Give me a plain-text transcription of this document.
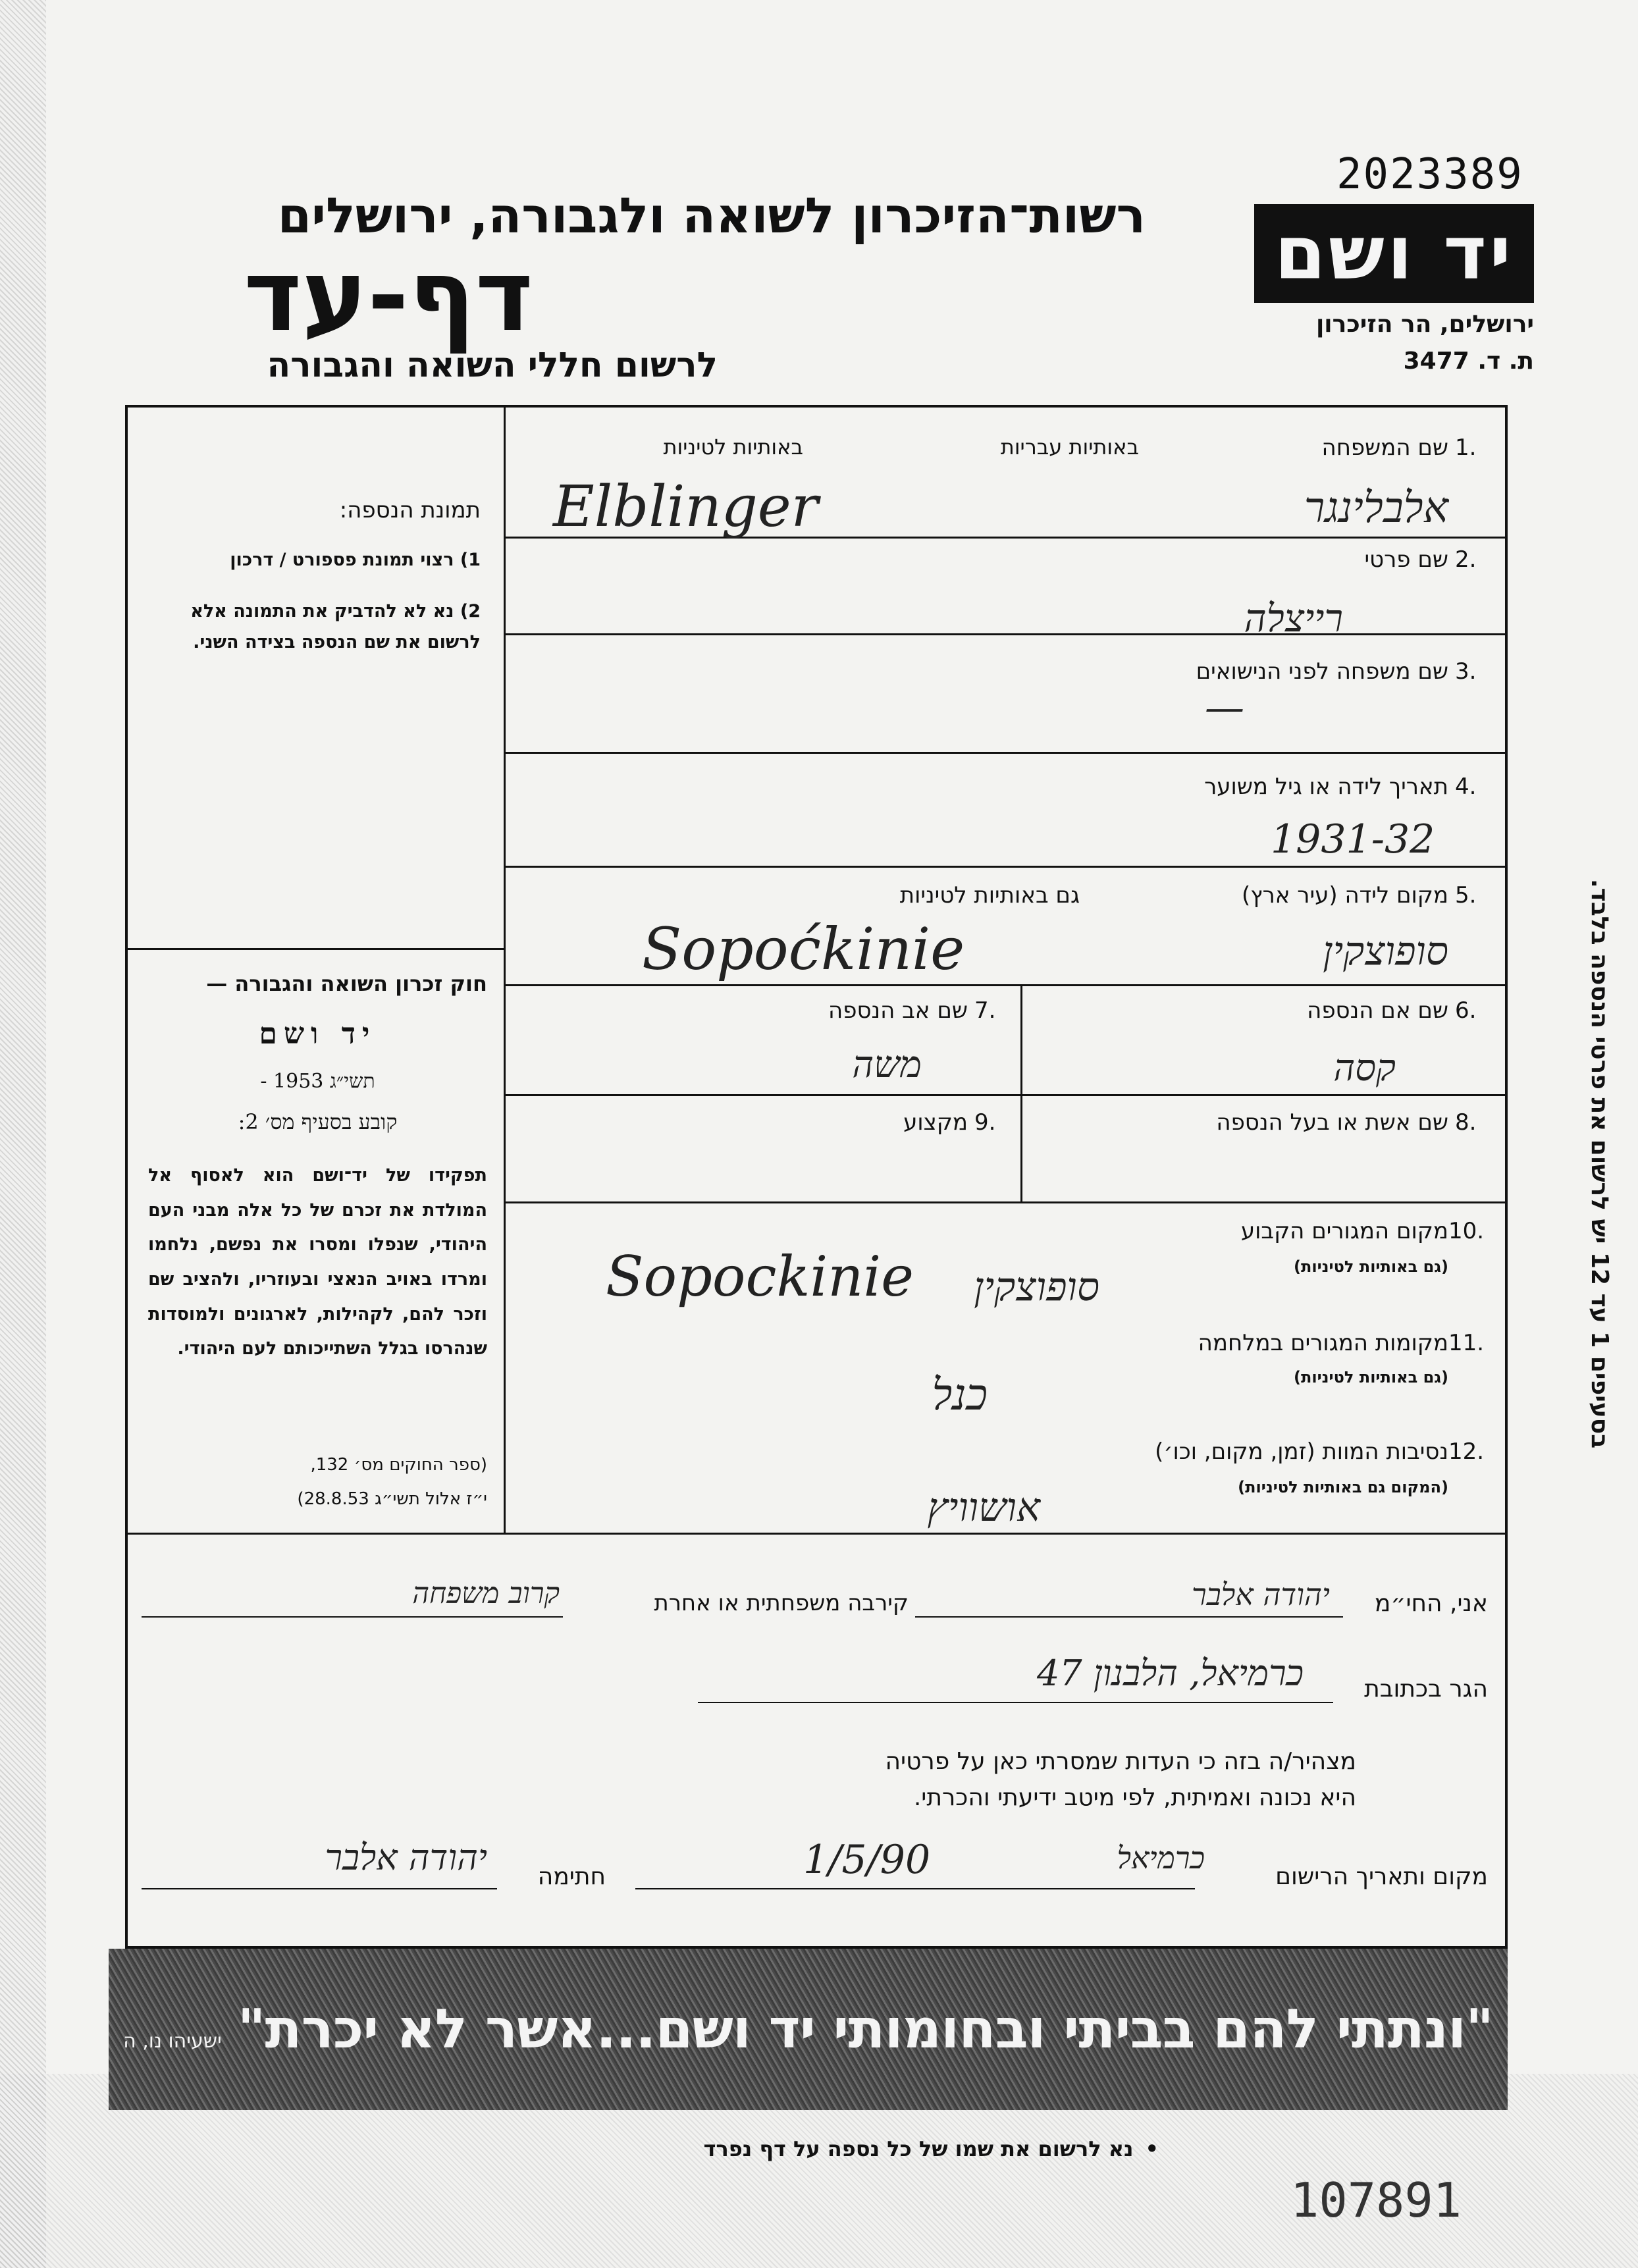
2023389
יד ושם
ירושלים, הר הזיכרון
ת. ד. 3477
רשות־הזיכרון לשואה ולגבורה, ירושלים
דף-עד
לרשום חללי השואה והגבורה
באותיות לטיניות	באותיות עבריות	שם המשפחה 1.
Elblinger	אלבלינגר
שם פרטי 2.
רייצלה
שם משפחה לפני הנישואים 3.
—
תאריך לידה או גיל משוער 4.
1931-32
מקום לידה (עיר ארץ) 5.
גם באותיות לטיניות
Sopoćkinie	סופוצקין
שם אם הנספה 6.
קסה
שם אב הנספה 7.
משה
שם אשת או בעל הנספה 8.
מקצוע 9.
מקום המגורים הקבוע 10.
(גם באותיות לטיניות)
Sopockinie	סופוצקין
מקומות המגורים במלחמה 11.
(גם באותיות לטיניות)
כנל
נסיבות המוות (זמן, מקום, וכו׳) 12.
(המקום גם באותיות לטיניות)
אושוויץ
תמונת הנספה:
1) רצוי תמונת פספורט / דרכון
2) נא לא להדביק את התמונה אלא לרשום את שם הנספה בצידה השני.
חוק זכרון השואה והגבורה —
יד ושם
תשי״ג 1953 -
קובע בסעיף מס׳ 2:
תפקידו של יד־ושם הוא לאסוף אל המולדת את זכרם של כל אלה מבני העם היהודי, שנפלו ומסרו את נפשם, נלחמו ומרדו באויב הנאצי ובעוזריו, ולהציב שם וזכר להם, לקהילות, לארגונים ולמוסדות שנהרסו בגלל השתייכותם לעם היהודי.
(ספר החוקים מס׳ 132,
י״ז אלול תשי״ג 28.8.53)
בסעיפים 1 עד 12 יש לרשום את פרטי הנספה בלבד.
אני, החי״מ
יהודה אלבר
קירבה משפחתית או אחרת
קרוב משפחה
הגר בכתובת
כרמיאל, הלבנון 47
מצהיר/ה בזה כי העדות שמסרתי כאן על פרטיה
היא נכונה ואמיתית, לפי מיטב ידיעתי והכרתי.
מקום ותאריך הרישום
כרמיאל
1/5/90
חתימה
יהודה אלבר
"ונתתי להם בביתי ובחומותי יד ושם...אשר לא יכרת"
ישעיהו נו, ה
•
נא לרשום את שמו של כל נספה על דף נפרד
107891
